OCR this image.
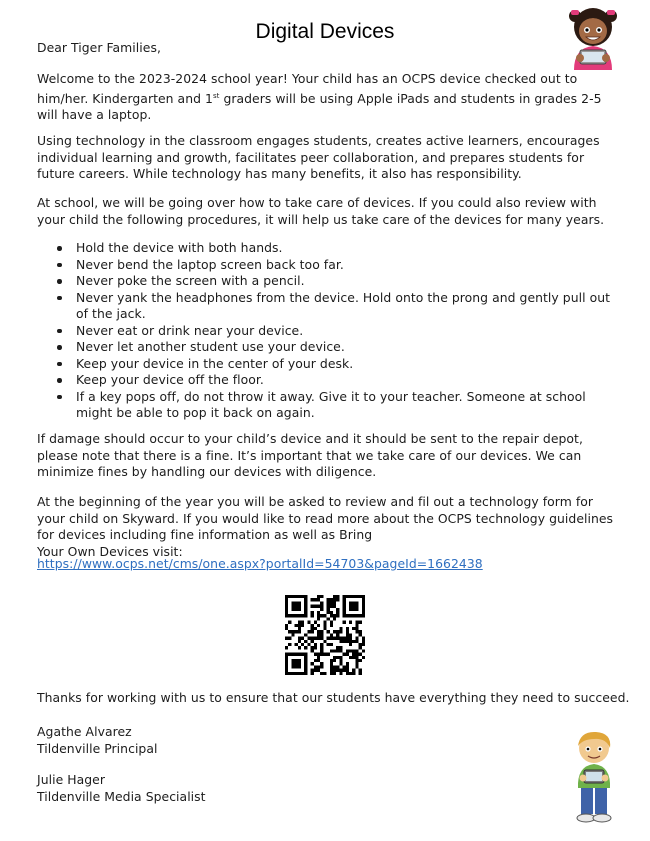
Digital Devices
Dear Tiger Families,

Welcome to the 2023-2024 school year! Your child has an OCPS device checked out to him/her. Kindergarten and 1st graders will be using Apple iPads and students in grades 2-5 will have a laptop.

Using technology in the classroom engages students, creates active learners, encourages individual learning and growth, facilitates peer collaboration, and prepares students for future careers. While technology has many benefits, it also has responsibility.

At school, we will be going over how to take care of devices. If you could also review with your child the following procedures, it will help us take care of the devices for many years.

Hold the device with both hands.
Never bend the laptop screen back too far.
Never poke the screen with a pencil.
Never yank the headphones from the device. Hold onto the prong and gently pull out of the jack.
Never eat or drink near your device.
Never let another student use your device.
Keep your device in the center of your desk.
Keep your device off the floor.
If a key pops off, do not throw it away. Give it to your teacher. Someone at school might be able to pop it back on again.

If damage should occur to your child’s device and it should be sent to the repair depot, please note that there is a fine. It’s important that we take care of our devices. We can minimize fines by handling our devices with diligence.

At the beginning of the year you will be asked to review and fil out a technology form for your child on Skyward. If you would like to read more about the OCPS technology guidelines for devices including fine information as well as Bring
Your Own Devices visit:
https://www.ocps.net/cms/one.aspx?portalId=54703&pageId=1662438
Thanks for working with us to ensure that our students have everything they need to succeed.
Agathe Alvarez
Tildenville Principal
Julie Hager
Tildenville Media Specialist
